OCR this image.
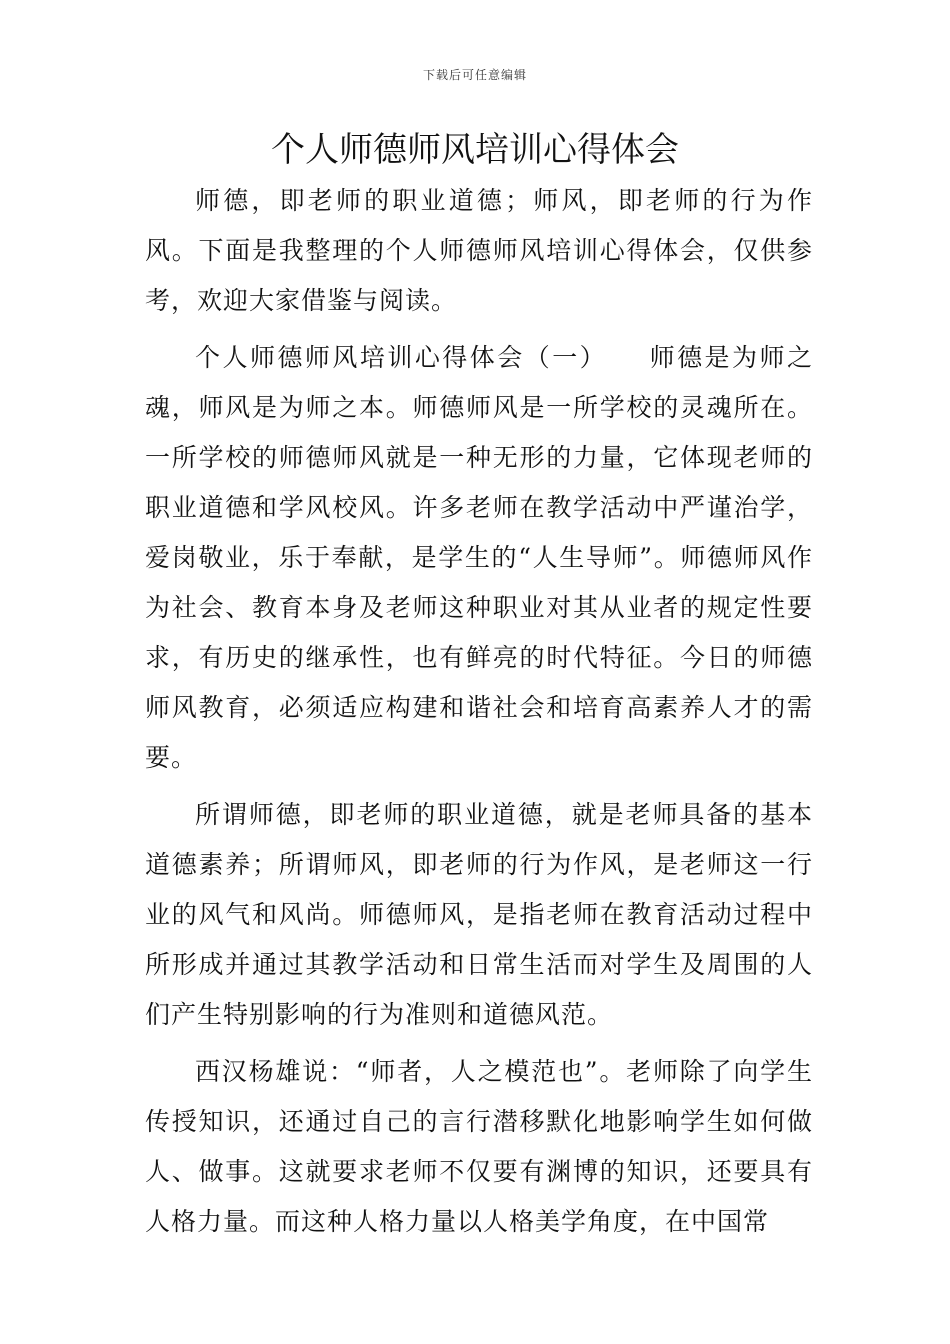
下载后可任意编辑
个人师德师风培训心得体会

师德，即老师的职业道德；师风，即老师的行为作风。下面是我整理的个人师德师风培训心得体会，仅供参考，欢迎大家借鉴与阅读。

个人师德师风培训心得体会（一）　　师德是为师之魂，师风是为师之本。师德师风是一所学校的灵魂所在。一所学校的师德师风就是一种无形的力量，它体现老师的职业道德和学风校风。许多老师在教学活动中严谨治学，爱岗敬业，乐于奉献，是学生的“人生导师”。师德师风作为社会、教育本身及老师这种职业对其从业者的规定性要求，有历史的继承性，也有鲜亮的时代特征。今日的师德师风教育，必须适应构建和谐社会和培育高素养人才的需要。

所谓师德，即老师的职业道德，就是老师具备的基本道德素养；所谓师风，即老师的行为作风，是老师这一行业的风气和风尚。师德师风，是指老师在教育活动过程中所形成并通过其教学活动和日常生活而对学生及周围的人们产生特别影响的行为准则和道德风范。

西汉杨雄说：“师者，人之模范也”。老师除了向学生传授知识，还通过自己的言行潜移默化地影响学生如何做人、做事。这就要求老师不仅要有渊博的知识，还要具有人格力量。而这种人格力量以人格美学角度，在中国常
